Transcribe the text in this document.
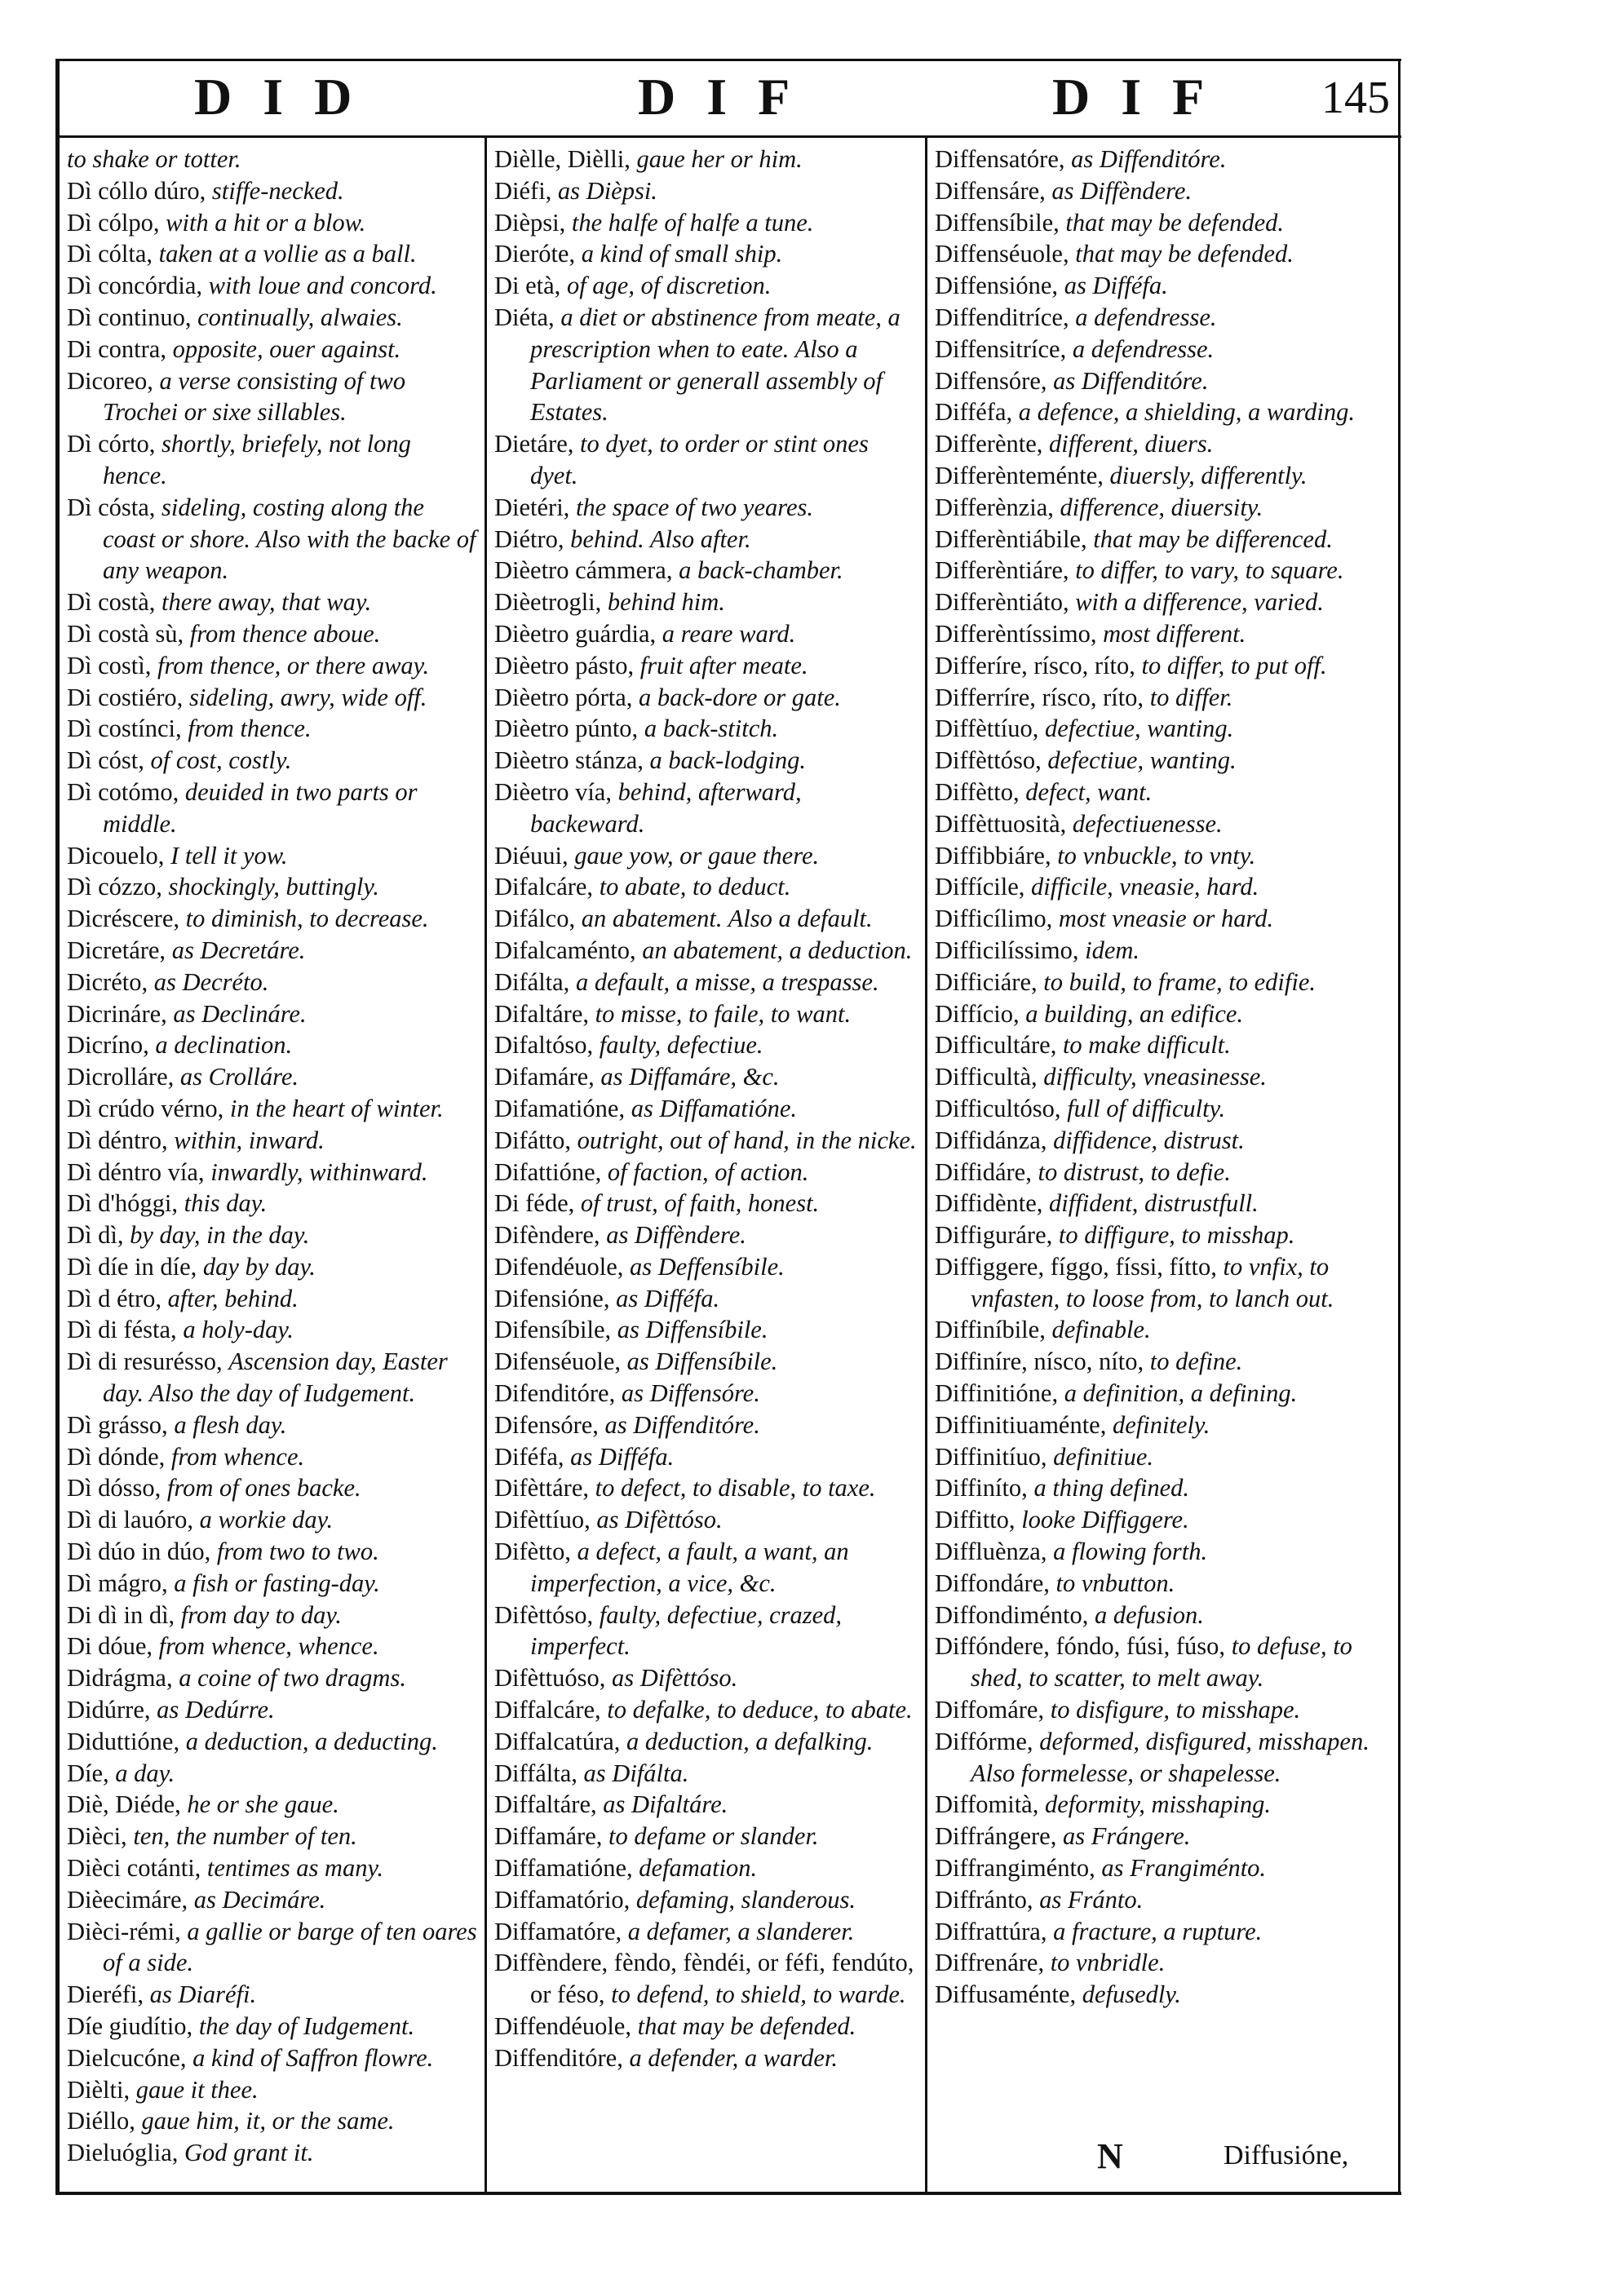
DID	DIF	DIF 145

to shake or totter.

Dì cóllo dúro, stiffe-necked.

Dì cólpo, with a hit or a blow.

Dì cólta, taken at a vollie as a ball.

Dì concórdia, with loue and concord.

Dì continuo, continually, alwaies.

Di contra, opposite, ouer against.

Dicoreo, a verse consisting of two Trochei or sixe sillables.

Dì córto, shortly, briefely, not long hence.

Dì cósta, sideling, costing along the coast or shore. Also with the backe of any weapon.

Dì costà, there away, that way.

Dì costà sù, from thence aboue.

Dì costì, from thence, or there away.

Di costiéro, sideling, awry, wide off.

Dì costínci, from thence.

Dì cóst, of cost, costly.

Dì cotómo, deuided in two parts or middle.

Dicouelo, I tell it yow.

Dì cózzo, shockingly, buttingly.

Dicréscere, to diminish, to decrease.

Dicretáre, as Decretáre.

Dicréto, as Decréto.

Dicrináre, as Declináre.

Dicríno, a declination.

Dicrolláre, as Crolláre.

Dì crúdo vérno, in the heart of winter.

Dì déntro, within, inward.

Dì déntro vía, inwardly, withinward.

Dì d'hóggi, this day.

Dì dì, by day, in the day.

Dì díe in díe, day by day.

Dì d étro, after, behind.

Dì di fésta, a holy-day.

Dì di resurésso, Ascension day, Easter day. Also the day of Iudgement.

Dì grásso, a flesh day.

Dì dónde, from whence.

Dì dósso, from of ones backe.

Dì di lauóro, a workie day.

Dì dúo in dúo, from two to two.

Dì mágro, a fish or fasting-day.

Di dì in dì, from day to day.

Di dóue, from whence, whence.

Didrágma, a coine of two dragms.

Didúrre, as Dedúrre.

Diduttióne, a deduction, a deducting.

Díe, a day.

Diè, Diéde, he or she gaue.

Dièci, ten, the number of ten.

Dièci cotánti, tentimes as many.

Dièecimáre, as Decimáre.

Dièci-rémi, a gallie or barge of ten oares of a side.

Dieréfi, as Diaréfi.

Díe giudítio, the day of Iudgement.

Dielcucóne, a kind of Saffron flowre.

Dièlti, gaue it thee.

Diéllo, gaue him, it, or the same.

Dieluóglia, God grant it.

Dièlle, Dièlli, gaue her or him.

Diéfi, as Dièpsi.

Dièpsi, the halfe of halfe a tune.

Dieróte, a kind of small ship.

Di età, of age, of discretion.

Diéta, a diet or abstinence from meate, a prescription when to eate. Also a Parliament or generall assembly of Estates.

Dietáre, to dyet, to order or stint ones dyet.

Dietéri, the space of two yeares.

Diétro, behind. Also after.

Dièetro cámmera, a back-chamber.

Dièetrogli, behind him.

Dièetro guárdia, a reare ward.

Dièetro pásto, fruit after meate.

Dièetro pórta, a back-dore or gate.

Dièetro púnto, a back-stitch.

Dièetro stánza, a back-lodging.

Dièetro vía, behind, afterward, backeward.

Diéuui, gaue yow, or gaue there.

Difalcáre, to abate, to deduct.

Difálco, an abatement. Also a default.

Difalcaménto, an abatement, a deduction.

Difálta, a default, a misse, a trespasse.

Difaltáre, to misse, to faile, to want.

Difaltóso, faulty, defectiue.

Difamáre, as Diffamáre, &c.

Difamatióne, as Diffamatióne.

Difátto, outright, out of hand, in the nicke.

Difattióne, of faction, of action.

Di féde, of trust, of faith, honest.

Difèndere, as Diffèndere.

Difendéuole, as Deffensíbile.

Difensióne, as Difféfa.

Difensíbile, as Diffensíbile.

Difenséuole, as Diffensíbile.

Difenditóre, as Diffensóre.

Difensóre, as Diffenditóre.

Diféfa, as Difféfa.

Difèttáre, to defect, to disable, to taxe.

Difèttíuo, as Difèttóso.

Difètto, a defect, a fault, a want, an imperfection, a vice, &c.

Difèttóso, faulty, defectiue, crazed, imperfect.

Difèttuóso, as Difèttóso.

Diffalcáre, to defalke, to deduce, to abate.

Diffalcatúra, a deduction, a defalking.

Diffálta, as Difálta.

Diffaltáre, as Difaltáre.

Diffamáre, to defame or slander.

Diffamatióne, defamation.

Diffamatório, defaming, slanderous.

Diffamatóre, a defamer, a slanderer.

Diffèndere, fèndo, fèndéi, or féfi, fendúto, or féso, to defend, to shield, to warde.

Diffendéuole, that may be defended.

Diffenditóre, a defender, a warder.

Diffensatóre, as Diffenditóre.

Diffensáre, as Diffèndere.

Diffensíbile, that may be defended.

Diffenséuole, that may be defended.

Diffensióne, as Difféfa.

Diffenditríce, a defendresse.

Diffensitríce, a defendresse.

Diffensóre, as Diffenditóre.

Difféfa, a defence, a shielding, a warding.

Differènte, different, diuers.

Differènteménte, diuersly, differently.

Differènzia, difference, diuersity.

Differèntiábile, that may be differenced.

Differèntiáre, to differ, to vary, to square.

Differèntiáto, with a difference, varied.

Differèntíssimo, most different.

Differíre, rísco, ríto, to differ, to put off.

Differríre, rísco, ríto, to differ.

Diffèttíuo, defectiue, wanting.

Diffèttóso, defectiue, wanting.

Diffètto, defect, want.

Diffèttuosità, defectiuenesse.

Diffibbiáre, to vnbuckle, to vnty.

Diffícile, difficile, vneasie, hard.

Difficílimo, most vneasie or hard.

Difficilíssimo, idem.

Difficiáre, to build, to frame, to edifie.

Diffício, a building, an edifice.

Difficultáre, to make difficult.

Difficultà, difficulty, vneasinesse.

Difficultóso, full of difficulty.

Diffidánza, diffidence, distrust.

Diffidáre, to distrust, to defie.

Diffidènte, diffident, distrustfull.

Diffiguráre, to diffigure, to misshap.

Diffiggere, fíggo, físsi, fítto, to vnfix, to vnfasten, to loose from, to lanch out.

Diffiníbile, definable.

Diffiníre, nísco, níto, to define.

Diffinitióne, a definition, a defining.

Diffinitiuaménte, definitely.

Diffinitíuo, definitiue.

Diffiníto, a thing defined.

Diffitto, looke Diffiggere.

Diffluènza, a flowing forth.

Diffondáre, to vnbutton.

Diffondiménto, a defusion.

Diffóndere, fóndo, fúsi, fúso, to defuse, to shed, to scatter, to melt away.

Diffomáre, to disfigure, to misshape.

Diffórme, deformed, disfigured, misshapen. Also formelesse, or shapelesse.

Diffomità, deformity, misshaping.

Diffrángere, as Frángere.

Diffrangiménto, as Frangiménto.

Diffránto, as Fránto.

Diffrattúra, a fracture, a rupture.

Diffrenáre, to vnbridle.

Diffusaménte, defusedly.

N	Diffusióne,
